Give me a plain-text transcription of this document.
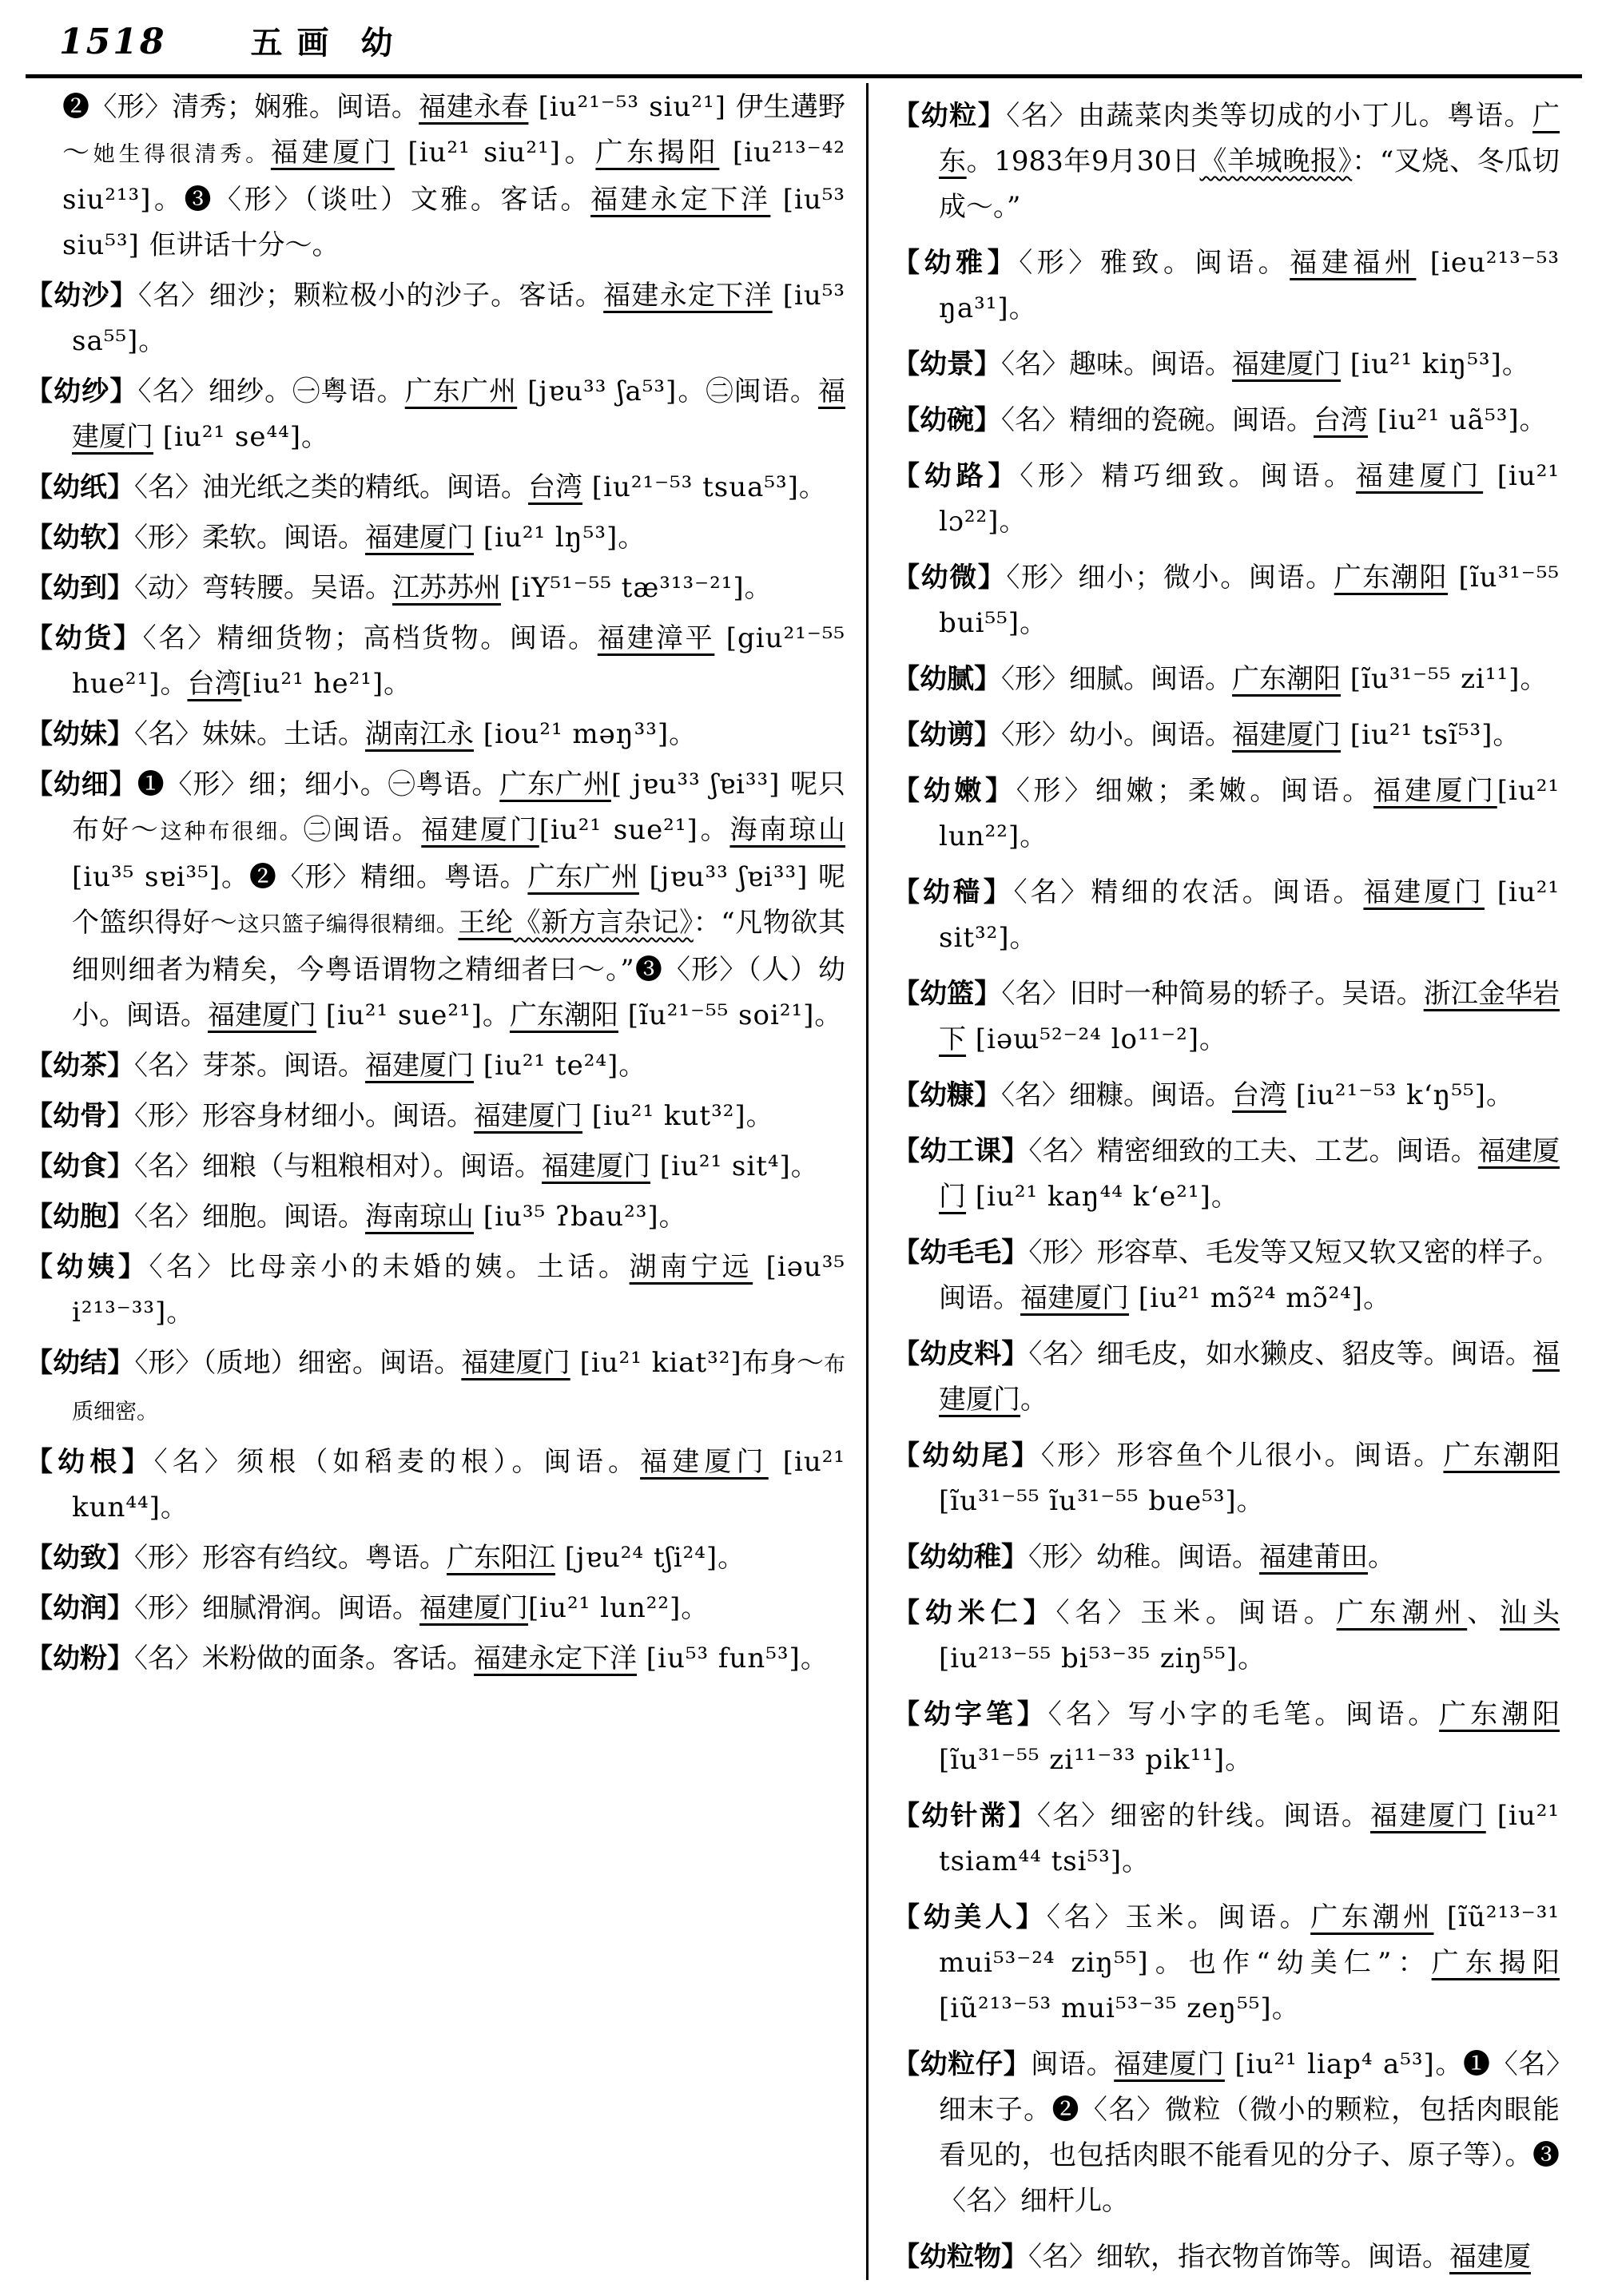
1518	五画 幼
❷〈形〉清秀；娴雅。闽语。福建永春 [iu²¹⁻⁵³ siu²¹] 伊生遘野～她生得很清秀。福建厦门 [iu²¹ siu²¹]。广东揭阳 [iu²¹³⁻⁴² siu²¹³]。❸〈形〉（谈吐）文雅。客话。福建永定下洋 [iu⁵³ siu⁵³] 佢讲话十分～。
【幼沙】〈名〉细沙；颗粒极小的沙子。客话。福建永定下洋 [iu⁵³ sa⁵⁵]。
【幼纱】〈名〉细纱。㊀粤语。广东广州 [jɐu³³ ʃa⁵³]。㊁闽语。福建厦门 [iu²¹ se⁴⁴]。
【幼纸】〈名〉油光纸之类的精纸。闽语。台湾 [iu²¹⁻⁵³ tsua⁵³]。
【幼软】〈形〉柔软。闽语。福建厦门 [iu²¹ lŋ⁵³]。
【幼到】〈动〉弯转腰。吴语。江苏苏州 [iY⁵¹⁻⁵⁵ tæ³¹³⁻²¹]。
【幼货】〈名〉精细货物；高档货物。闽语。福建漳平 [giu²¹⁻⁵⁵ hue²¹]。台湾[iu²¹ he²¹]。
【幼妹】〈名〉妹妹。土话。湖南江永 [iou²¹ məŋ³³]。
【幼细】❶〈形〉细；细小。㊀粤语。广东广州[ jɐu³³ ʃɐi³³] 呢只布好～这种布很细。㊁闽语。福建厦门[iu²¹ sue²¹]。海南琼山 [iu³⁵ sɐi³⁵]。❷〈形〉精细。粤语。广东广州 [jɐu³³ ʃɐi³³] 呢个篮织得好～这只篮子编得很精细。王纶《新方言杂记》：“凡物欲其细则细者为精矣，今粤语谓物之精细者曰～。”❸〈形〉（人）幼小。闽语。福建厦门 [iu²¹ sue²¹]。广东潮阳 [ĩu²¹⁻⁵⁵ soi²¹]。
【幼茶】〈名〉芽茶。闽语。福建厦门 [iu²¹ te²⁴]。
【幼骨】〈形〉形容身材细小。闽语。福建厦门 [iu²¹ kut³²]。
【幼食】〈名〉细粮（与粗粮相对）。闽语。福建厦门 [iu²¹ sit⁴]。
【幼胞】〈名〉细胞。闽语。海南琼山 [iu³⁵ ʔbau²³]。
【幼姨】〈名〉比母亲小的未婚的姨。土话。湖南宁远 [iəu³⁵ i²¹³⁻³³]。
【幼结】〈形〉（质地）细密。闽语。福建厦门 [iu²¹ kiat³²]布身～布质细密。
【幼根】〈名〉须根（如稻麦的根）。闽语。福建厦门 [iu²¹ kun⁴⁴]。
【幼致】〈形〉形容有绉纹。粤语。广东阳江 [jɐu²⁴ tʃi²⁴]。
【幼润】〈形〉细腻滑润。闽语。福建厦门[iu²¹ lun²²]。
【幼粉】〈名〉米粉做的面条。客话。福建永定下洋 [iu⁵³ fun⁵³]。
【幼粒】〈名〉由蔬菜肉类等切成的小丁儿。粤语。广东。1983年9月30日《羊城晚报》：“叉烧、冬瓜切成～。”
【幼雅】〈形〉雅致。闽语。福建福州 [ieu²¹³⁻⁵³ ŋa³¹]。
【幼景】〈名〉趣味。闽语。福建厦门 [iu²¹ kiŋ⁵³]。
【幼碗】〈名〉精细的瓷碗。闽语。台湾 [iu²¹ uã⁵³]。
【幼路】〈形〉精巧细致。闽语。福建厦门 [iu²¹ lɔ²²]。
【幼微】〈形〉细小；微小。闽语。广东潮阳 [ĩu³¹⁻⁵⁵ bui⁵⁵]。
【幼腻】〈形〉细腻。闽语。广东潮阳 [ĩu³¹⁻⁵⁵ zi¹¹]。
【幼谫】〈形〉幼小。闽语。福建厦门 [iu²¹ tsĩ⁵³]。
【幼嫩】〈形〉细嫩；柔嫩。闽语。福建厦门[iu²¹ lun²²]。
【幼穑】〈名〉精细的农活。闽语。福建厦门 [iu²¹ sit³²]。
【幼篮】〈名〉旧时一种简易的轿子。吴语。浙江金华岩下 [iəɯ⁵²⁻²⁴ lo¹¹⁻²]。
【幼糠】〈名〉细糠。闽语。台湾 [iu²¹⁻⁵³ kʻŋ⁵⁵]。
【幼工课】〈名〉精密细致的工夫、工艺。闽语。福建厦门 [iu²¹ kaŋ⁴⁴ kʻe²¹]。
【幼毛毛】〈形〉形容草、毛发等又短又软又密的样子。闽语。福建厦门 [iu²¹ mɔ̃²⁴ mɔ̃²⁴]。
【幼皮料】〈名〉细毛皮，如水獭皮、貂皮等。闽语。福建厦门。
【幼幼尾】〈形〉形容鱼个儿很小。闽语。广东潮阳 [ĩu³¹⁻⁵⁵ ĩu³¹⁻⁵⁵ bue⁵³]。
【幼幼稚】〈形〉幼稚。闽语。福建莆田。
【幼米仁】〈名〉玉米。闽语。广东潮州、汕头 [iu²¹³⁻⁵⁵ bi⁵³⁻³⁵ ziŋ⁵⁵]。
【幼字笔】〈名〉写小字的毛笔。闽语。广东潮阳 [ĩu³¹⁻⁵⁵ zi¹¹⁻³³ pik¹¹]。
【幼针黹】〈名〉细密的针线。闽语。福建厦门 [iu²¹ tsiam⁴⁴ tsi⁵³]。
【幼美人】〈名〉玉米。闽语。广东潮州 [ĩũ²¹³⁻³¹ mui⁵³⁻²⁴ ziŋ⁵⁵]。也作“幼美仁”：广东揭阳 [iũ²¹³⁻⁵³ mui⁵³⁻³⁵ zeŋ⁵⁵]。
【幼粒仔】闽语。福建厦门 [iu²¹ liap⁴ a⁵³]。❶〈名〉细末子。❷〈名〉微粒（微小的颗粒，包括肉眼能看见的，也包括肉眼不能看见的分子、原子等）。❸〈名〉细杆儿。
【幼粒物】〈名〉细软，指衣物首饰等。闽语。福建厦
